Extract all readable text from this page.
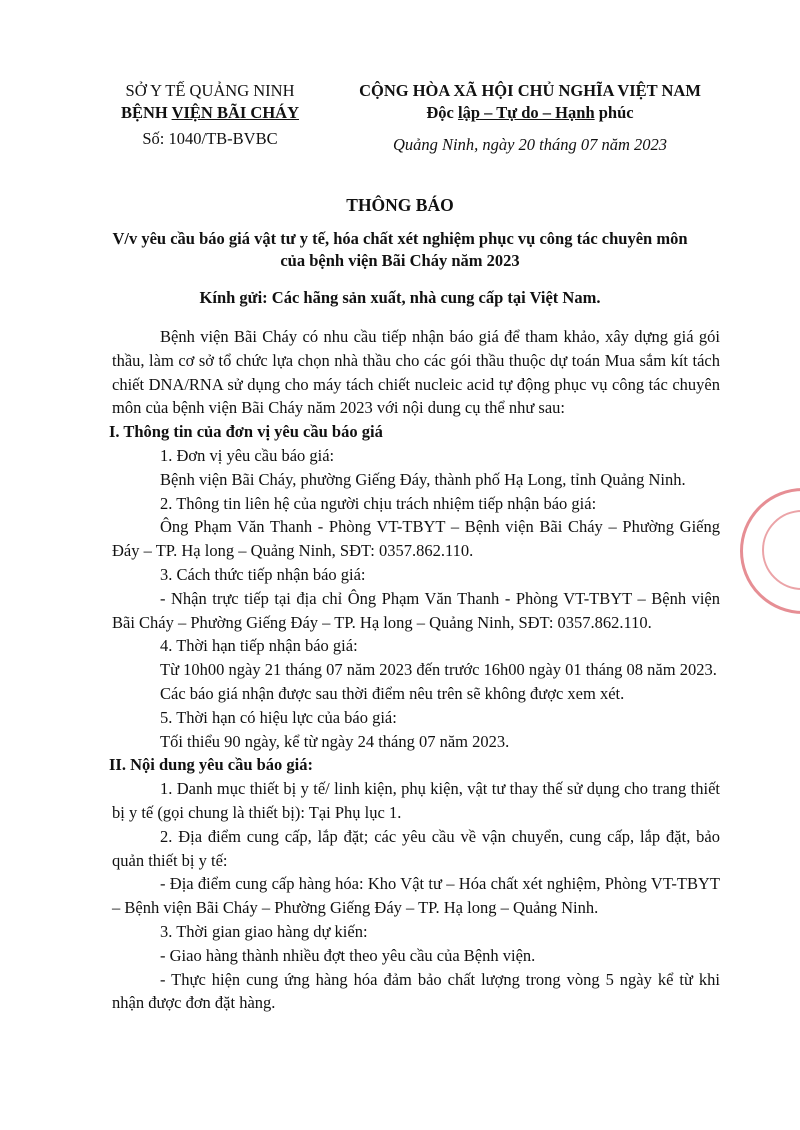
SỞ Y TẾ QUẢNG NINH
BỆNH VIỆN BÃI CHÁY
Số: 1040/TB-BVBC
CỘNG HÒA XÃ HỘI CHỦ NGHĨA VIỆT NAM
Độc lập – Tự do – Hạnh phúc
Quảng Ninh, ngày 20 tháng 07 năm 2023
THÔNG BÁO
V/v yêu cầu báo giá vật tư y tế, hóa chất xét nghiệm phục vụ công tác chuyên môn của bệnh viện Bãi Cháy năm 2023
Kính gửi: Các hãng sản xuất, nhà cung cấp tại Việt Nam.

Bệnh viện Bãi Cháy có nhu cầu tiếp nhận báo giá để tham khảo, xây dựng giá gói thầu, làm cơ sở tổ chức lựa chọn nhà thầu cho các gói thầu thuộc dự toán Mua sắm kít tách chiết DNA/RNA sử dụng cho máy tách chiết nucleic acid tự động phục vụ công tác chuyên môn của bệnh viện Bãi Cháy năm 2023 với nội dung cụ thể như sau:

I. Thông tin của đơn vị yêu cầu báo giá

1. Đơn vị yêu cầu báo giá:

Bệnh viện Bãi Cháy, phường Giếng Đáy, thành phố Hạ Long, tỉnh Quảng Ninh.

2. Thông tin liên hệ của người chịu trách nhiệm tiếp nhận báo giá:

Ông Phạm Văn Thanh - Phòng VT-TBYT – Bệnh viện Bãi Cháy – Phường Giếng Đáy – TP. Hạ long – Quảng Ninh, SĐT: 0357.862.110.

3. Cách thức tiếp nhận báo giá:

- Nhận trực tiếp tại địa chỉ Ông Phạm Văn Thanh - Phòng VT-TBYT – Bệnh viện Bãi Cháy – Phường Giếng Đáy – TP. Hạ long – Quảng Ninh, SĐT: 0357.862.110.

4. Thời hạn tiếp nhận báo giá:

Từ 10h00 ngày 21 tháng 07 năm 2023 đến trước 16h00 ngày 01 tháng 08 năm 2023.

Các báo giá nhận được sau thời điểm nêu trên sẽ không được xem xét.

5. Thời hạn có hiệu lực của báo giá:

Tối thiểu 90 ngày, kể từ ngày 24 tháng 07 năm 2023.

II. Nội dung yêu cầu báo giá:

1. Danh mục thiết bị y tế/ linh kiện, phụ kiện, vật tư thay thế sử dụng cho trang thiết bị y tế (gọi chung là thiết bị): Tại Phụ lục 1.

2. Địa điểm cung cấp, lắp đặt; các yêu cầu về vận chuyển, cung cấp, lắp đặt, bảo quản thiết bị y tế:

- Địa điểm cung cấp hàng hóa: Kho Vật tư – Hóa chất xét nghiệm, Phòng VT-TBYT – Bệnh viện Bãi Cháy – Phường Giếng Đáy – TP. Hạ long – Quảng Ninh.

3. Thời gian giao hàng dự kiến:

- Giao hàng thành nhiều đợt theo yêu cầu của Bệnh viện.

- Thực hiện cung ứng hàng hóa đảm bảo chất lượng trong vòng 5 ngày kể từ khi nhận được đơn đặt hàng.
